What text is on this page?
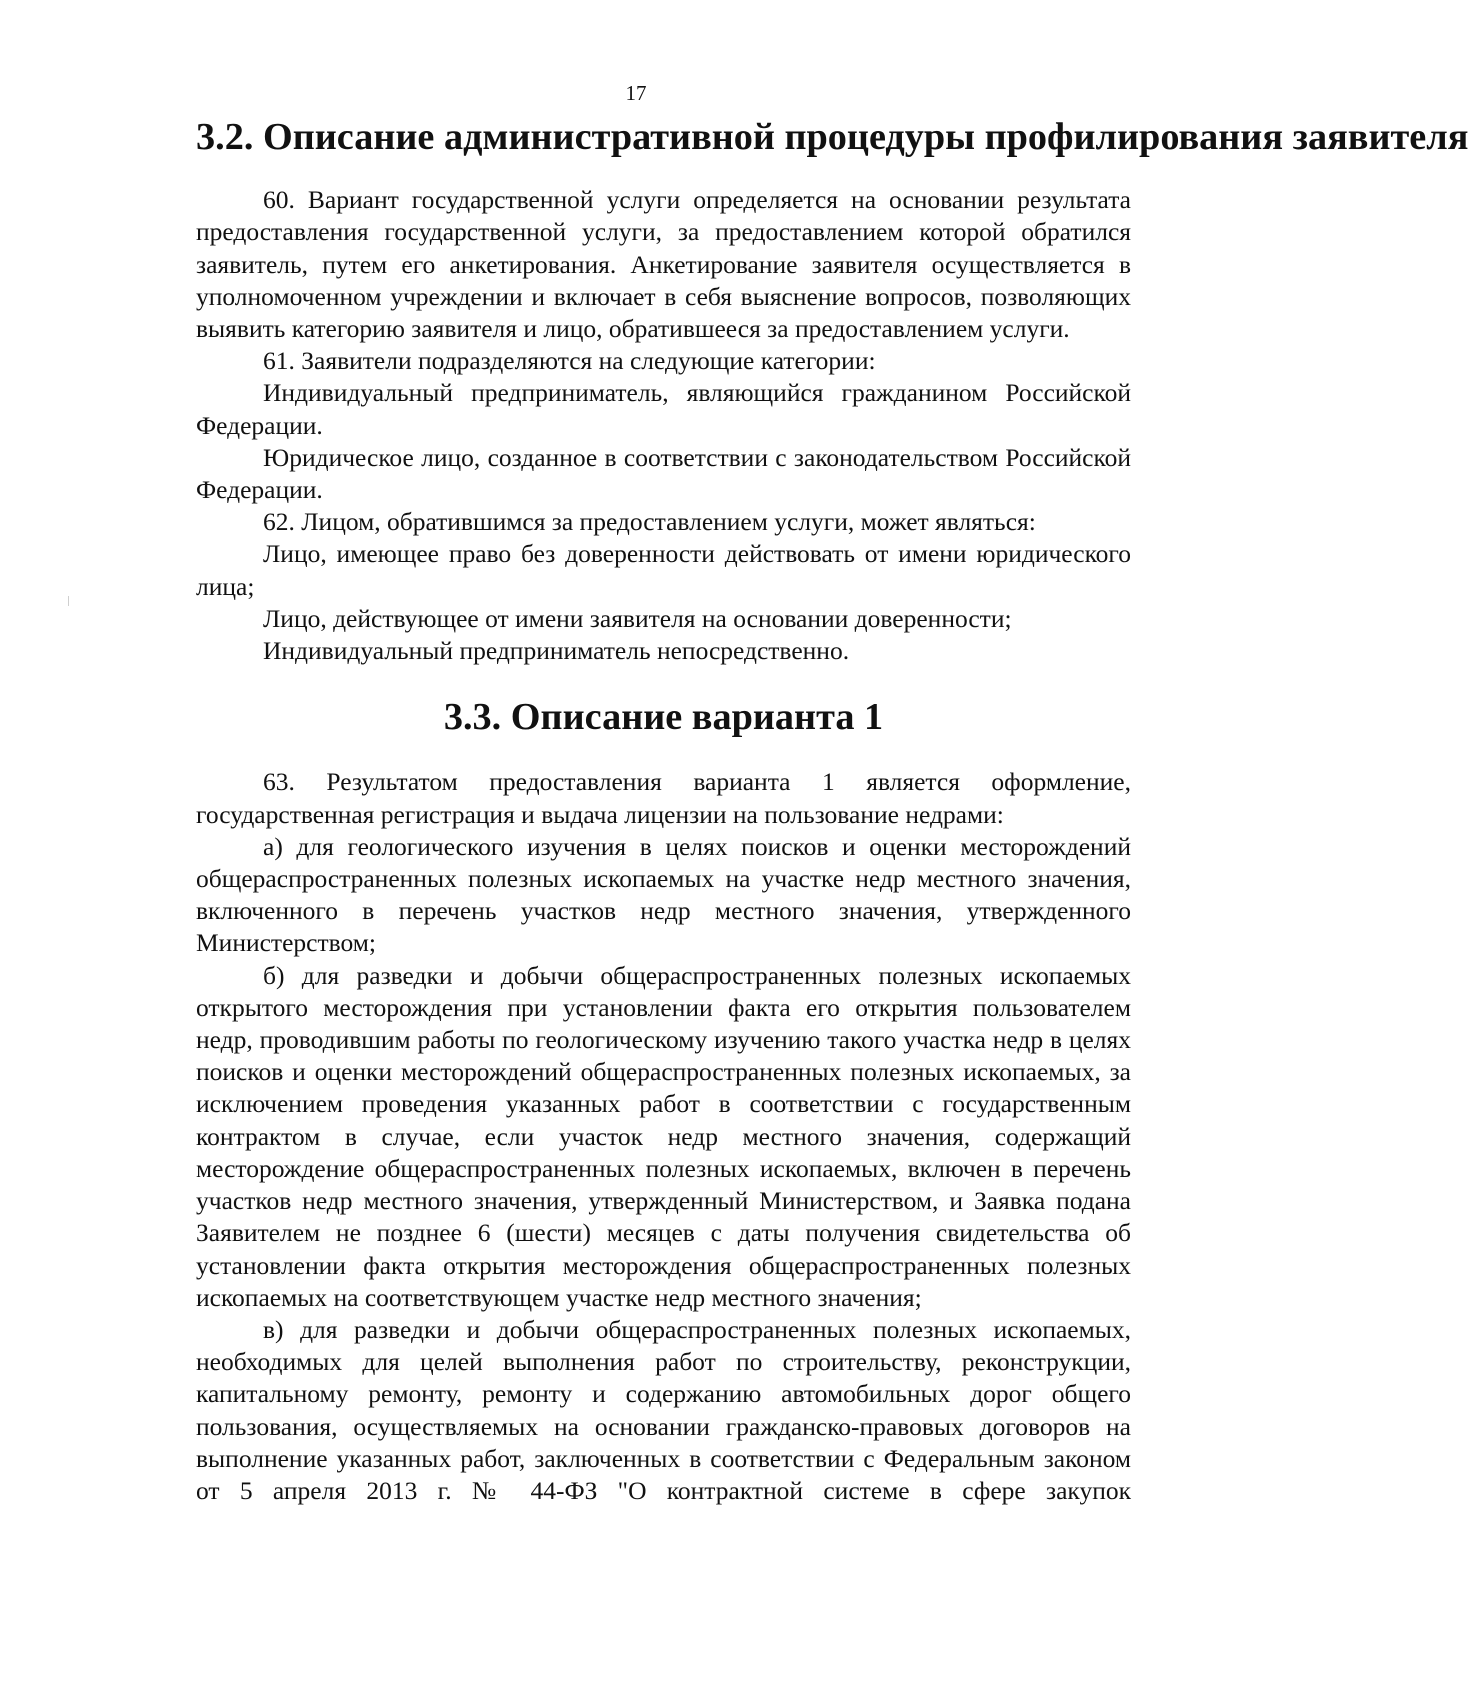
17
3.2. Описание административной процедуры профилирования заявителя

60. Вариант государственной услуги определяется на основании результата предоставления государственной услуги, за предоставлением которой обратился заявитель, путем его анкетирования. Анкетирование заявителя осуществляется в уполномоченном учреждении и включает в себя выяснение вопросов, позволяющих выявить категорию заявителя и лицо, обратившееся за предоставлением услуги.

61. Заявители подразделяются на следующие категории:

Индивидуальный предприниматель, являющийся гражданином Российской Федерации.

Юридическое лицо, созданное в соответствии с законодательством Российской Федерации.

62. Лицом, обратившимся за предоставлением услуги, может являться:

Лицо, имеющее право без доверенности действовать от имени юридического лица;

Лицо, действующее от имени заявителя на основании доверенности;

Индивидуальный предприниматель непосредственно.

3.3. Описание варианта 1

63. Результатом предоставления варианта 1 является оформление, государственная регистрация и выдача лицензии на пользование недрами:

а) для геологического изучения в целях поисков и оценки месторождений общераспространенных полезных ископаемых на участке недр местного значения, включенного в перечень участков недр местного значения, утвержденного Министерством;

б) для разведки и добычи общераспространенных полезных ископаемых открытого месторождения при установлении факта его открытия пользователем недр, проводившим работы по геологическому изучению такого участка недр в целях поисков и оценки месторождений общераспространенных полезных ископаемых, за исключением проведения указанных работ в соответствии с государственным контрактом в случае, если участок недр местного значения, содержащий месторождение общераспространенных полезных ископаемых, включен в перечень участков недр местного значения, утвержденный Министерством, и Заявка подана Заявителем не позднее 6 (шести) месяцев с даты получения свидетельства об установлении факта открытия месторождения общераспространенных полезных ископаемых на соответствующем участке недр местного значения;

в) для разведки и добычи общераспространенных полезных ископаемых, необходимых для целей выполнения работ по строительству, реконструкции, капитальному ремонту, ремонту и содержанию автомобильных дорог общего пользования, осуществляемых на основании гражданско-правовых договоров на выполнение указанных работ, заключенных в соответствии с Федеральным законом от 5 апреля 2013 г. № 44-ФЗ "О контрактной системе в сфере закупок
